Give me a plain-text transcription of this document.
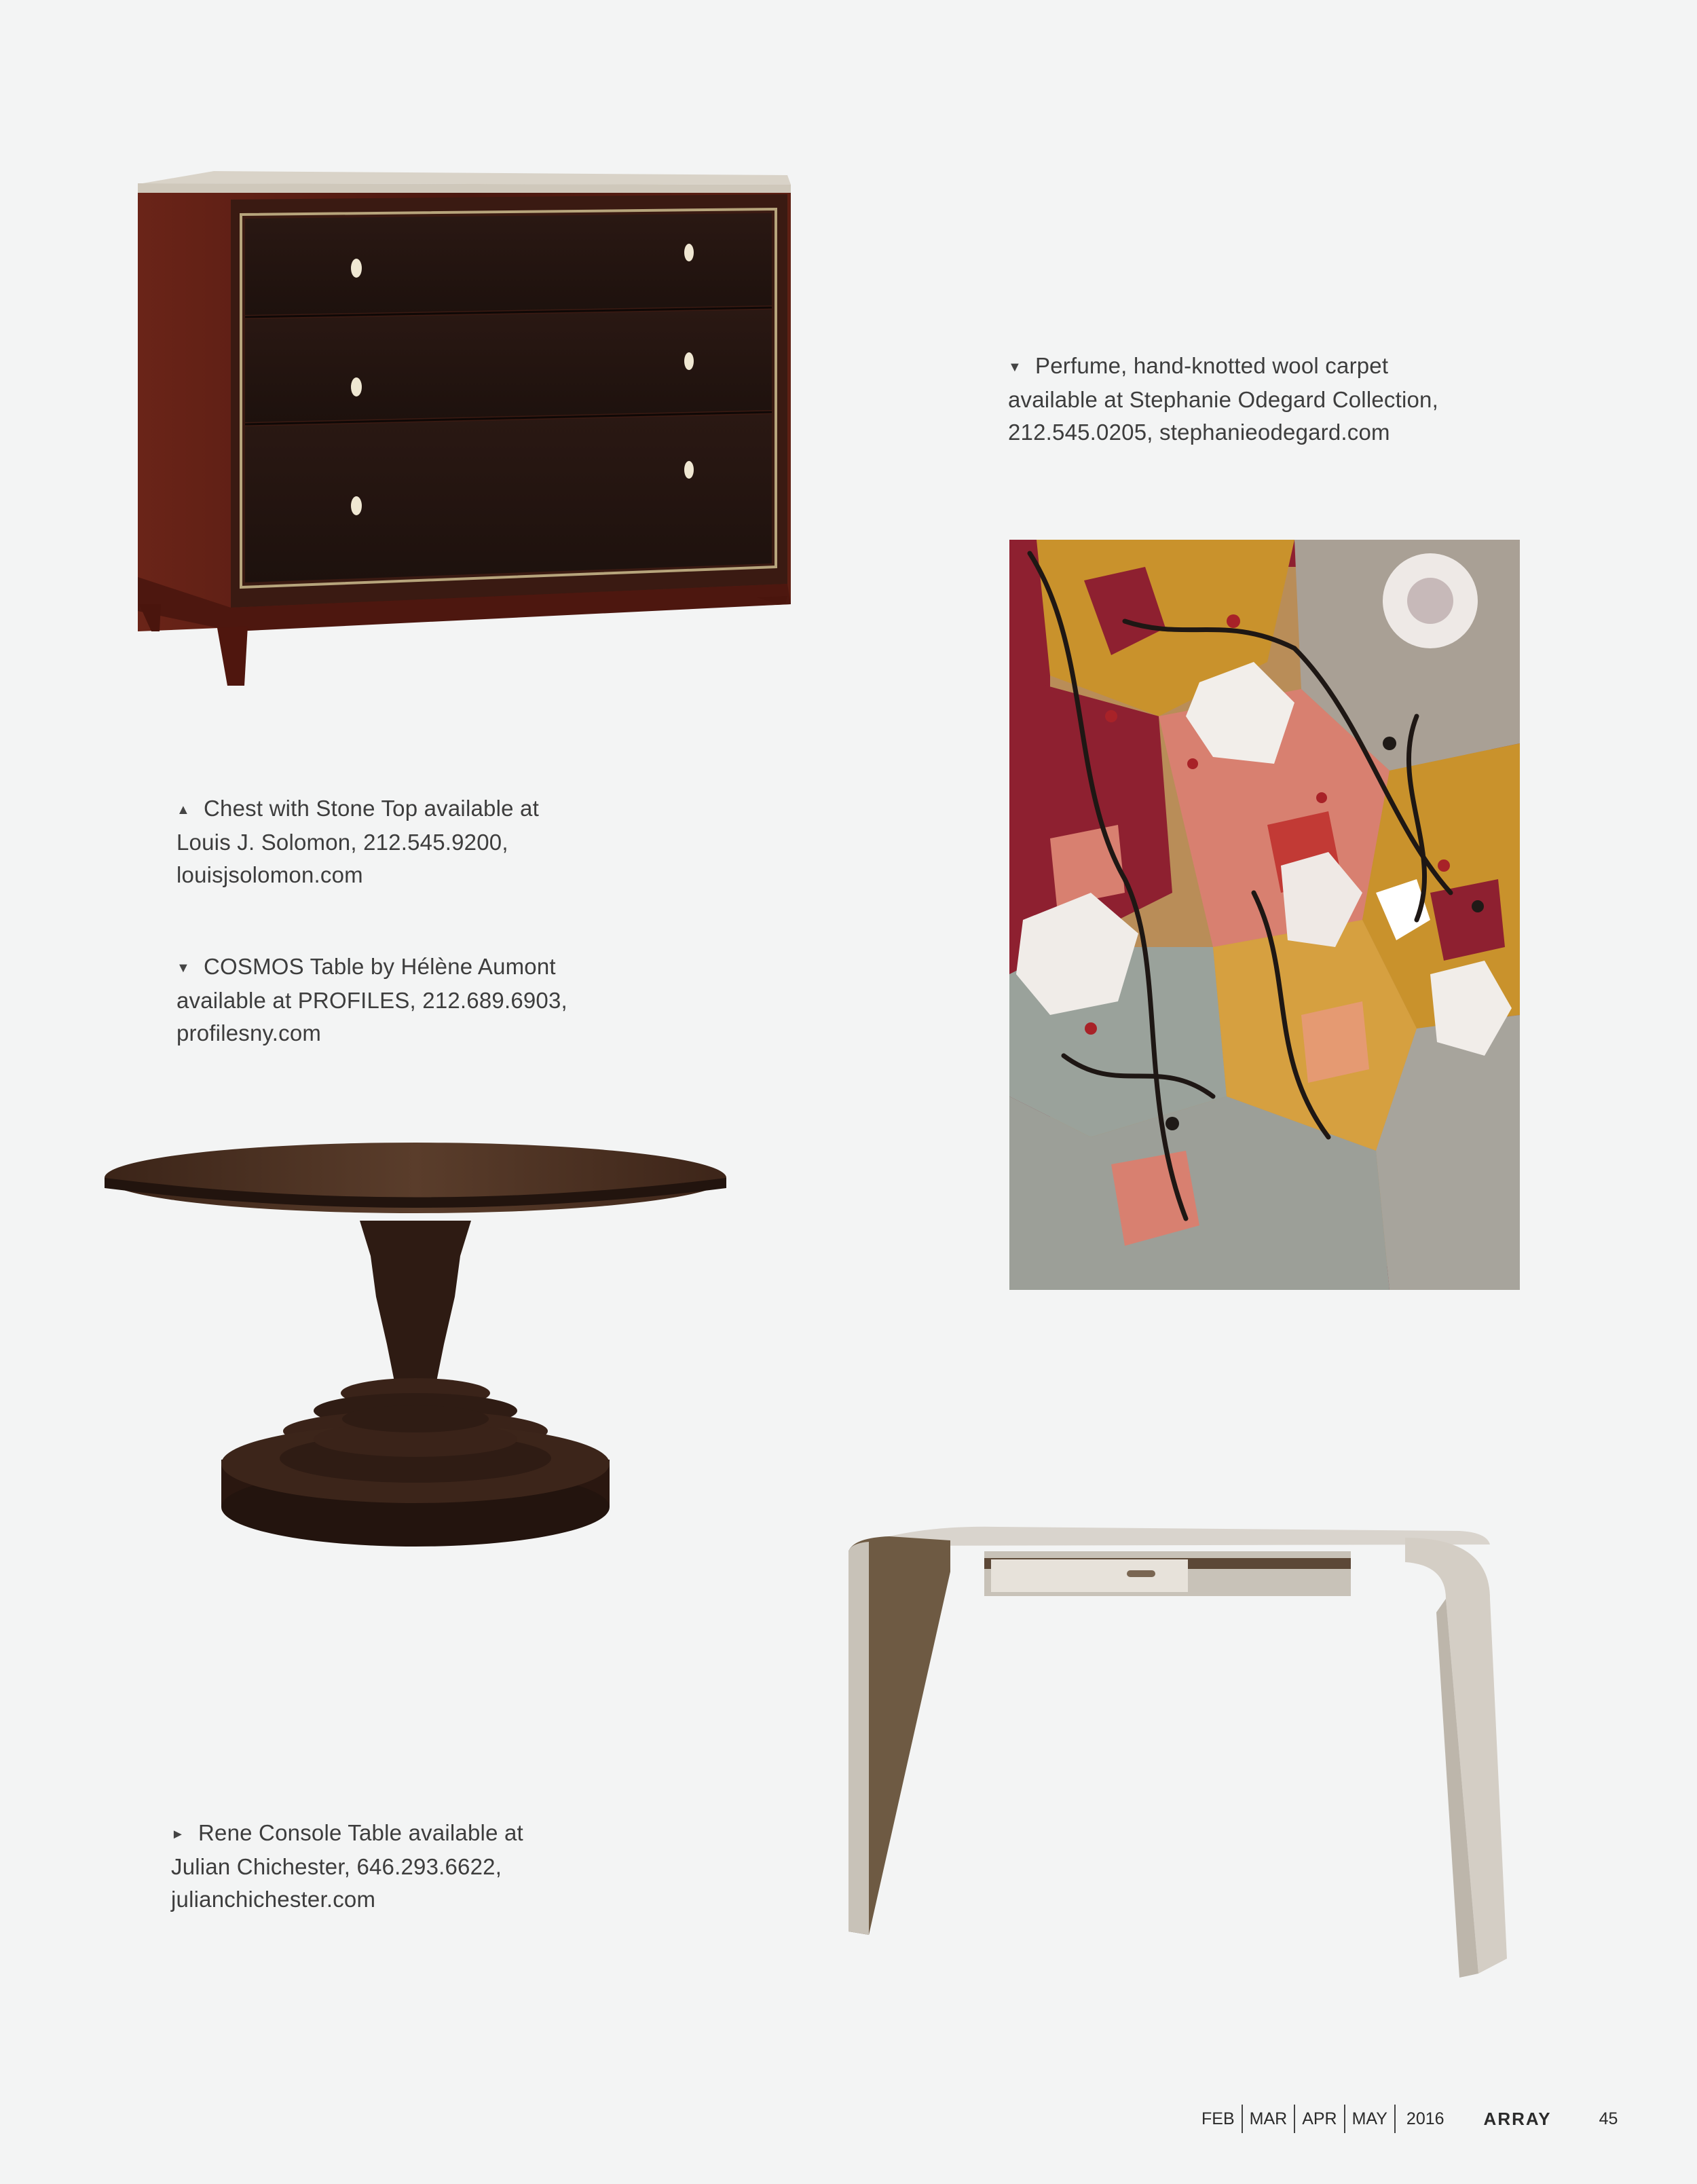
▼ Perfume, hand-knotted wool carpet
available at Stephanie Odegard Collection,
212.545.0205, stephanieodegard.com
▲ Chest with Stone Top available at
Louis J. Solomon, 212.545.9200,
louisjsolomon.com
▼ COSMOS Table by Hélène Aumont
available at PROFILES, 212.689.6903,
profilesny.com
► Rene Console Table available at
Julian Chichester, 646.293.6622,
julianchichester.com
FEB MAR APR MAY	2016 ARRAY	45
